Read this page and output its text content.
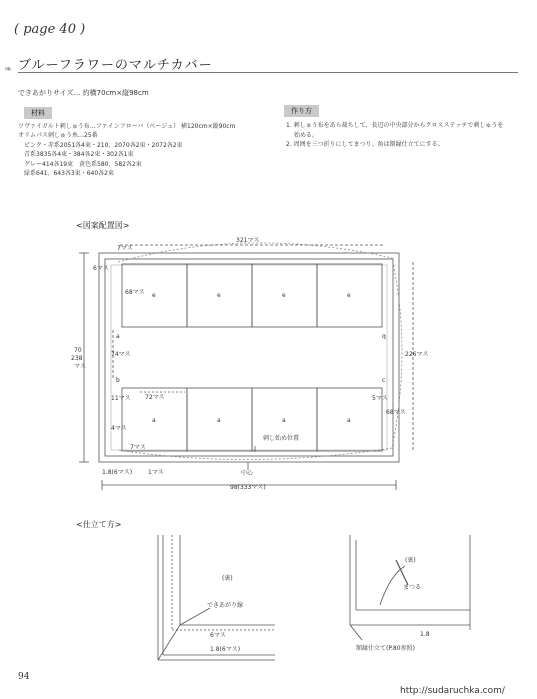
( page 40 )
❧ ブルーフラワーのマルチカバー
できあがりサイズ… 約横70cm×縦98cm
材料
ツヴァイガルト刺しゅう布…ファインフローバ（ベージュ） 横120cm×縦90cm
オリムパス刺しゅう糸…25番
ピンク・赤系2051各4束・210、2070各2束・2072各2束
青系3835各4束・384各2束・302各1束
グレー414各19束　黄色系580、582各2束
緑系641、643各3束・640各2束
作り方
1. 刺しゅう布をあら裁ちして、長辺の中央部分からクロスステッチで刺しゅうを
始める。
2. 周囲を三つ折りにしてまつり、角は額縁仕立てにする。
<図案配置図>
321マス
6マス
7マス
68マス
74マス
70
238
マス
226マス
72マス
11マス
4マス
7マス
5マス
68マス
刺し始め位置
1.8(6マス)	1マス	中心
98(333マス)
e	e	e	e
a	a	a	a
a	q
b	c
(裏)
できあがり線
6マス
1.8(6マス)
(裏)
まつる
1.8
額縁仕立て(P.80参照)
<仕立て方>
94
http://sudaruchka.com/
